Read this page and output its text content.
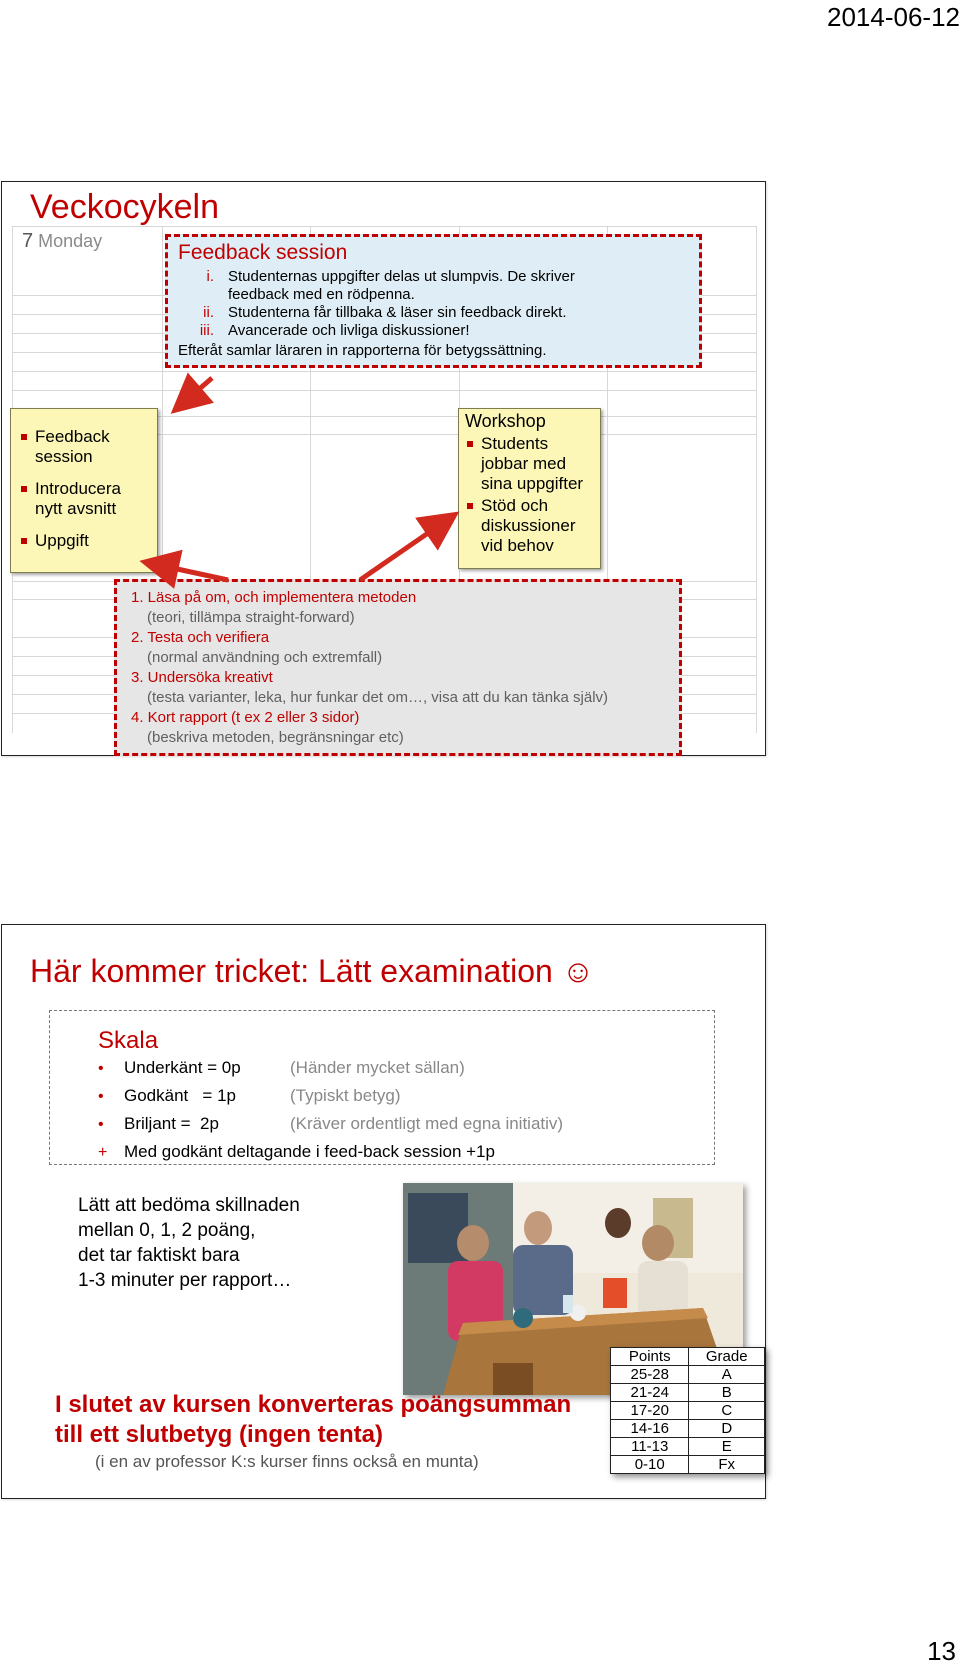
2014-06-12
Veckocykeln
7 Monday	Feedback session
i. Studenternas uppgifter delas ut slumpvis. De skriver
feedback med en rödpenna.
ii. Studenterna får tillbaka & läser sin feedback direkt.
iii. Avancerade och livliga diskussioner!
Efteråt samlar läraren in rapporterna för betygssättning.
Feedback session
Introducera nytt avsnitt
Uppgift
Workshop
Students jobbar med sina uppgifter
Stöd och diskussioner vid behov
1. Läsa på om, och implementera metoden
(teori, tillämpa straight-forward)
2. Testa och verifiera
(normal användning och extremfall)
3. Undersöka kreativt
(testa varianter, leka, hur funkar det om…, visa att du kan tänka själv)
4. Kort rapport (t ex 2 eller 3 sidor)
(beskriva metoden, begränsningar etc)
Här kommer tricket: Lätt examination ☺
Skala
• Underkänt = 0p	(Händer mycket sällan)
• Godkänt   = 1p	(Typiskt betyg)
• Briljant =  2p	(Kräver ordentligt med egna initiativ)
+ Med godkänt deltagande i feed-back session +1p
Lätt att bedöma skillnaden
mellan 0, 1, 2 poäng,
det tar faktiskt bara
1-3 minuter per rapport…
I slutet av kursen konverteras poängsumman
till ett slutbetyg (ingen tenta)
(i en av professor K:s kurser finns också en munta)
Points	Grade
25-28	A
21-24	B
17-20	C
14-16	D
11-13	E
0-10	Fx
13
